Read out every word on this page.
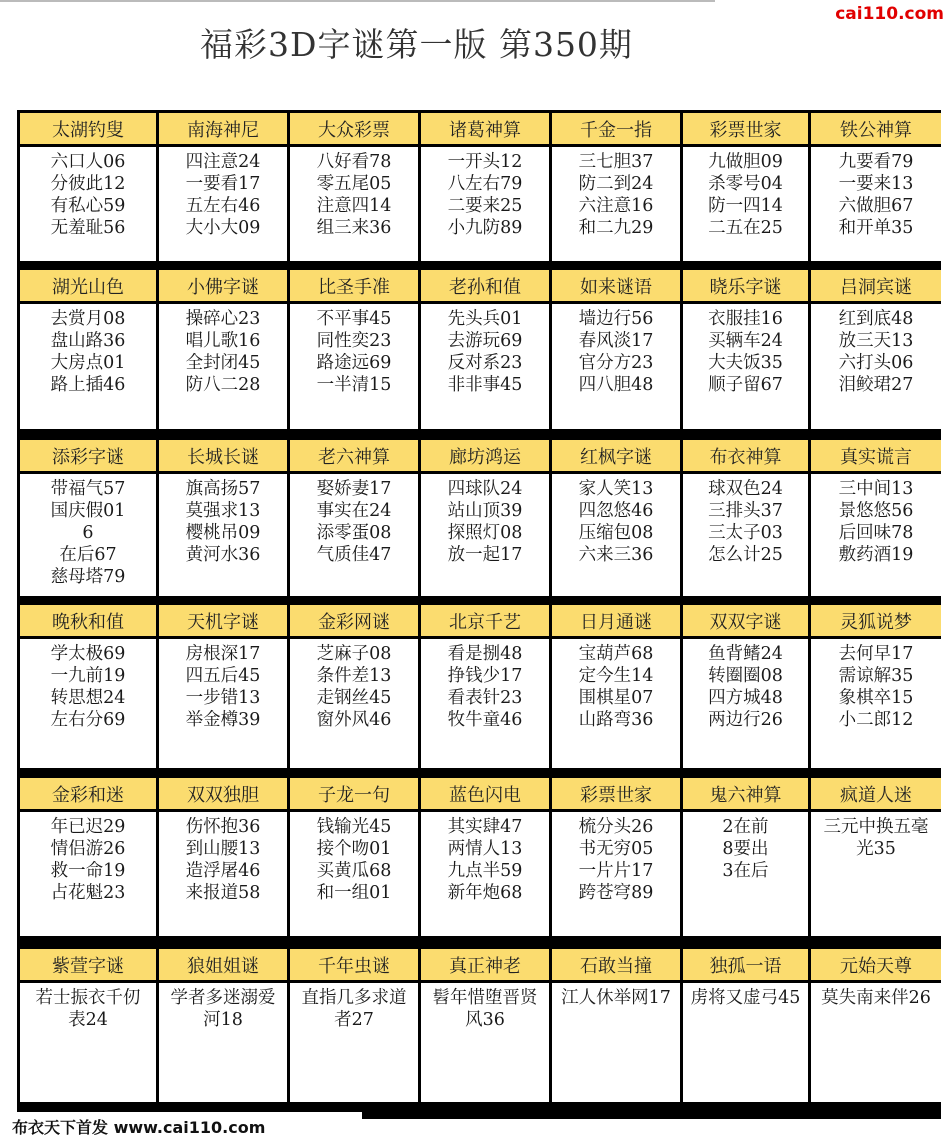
福彩3D字谜第一版 第350期
cai110.com
太湖钓叟
六口人06
分彼此12
有私心59
无羞耻56
南海神尼
四注意24
一要看17
五左右46
大小大09
大众彩票
八好看78
零五尾05
注意四14
组三来36
诸葛神算
一开头12
八左右79
二要来25
小九防89
千金一指
三七胆37
防二到24
六注意16
和二九29
彩票世家
九做胆09
杀零号04
防一四14
二五在25
铁公神算
九要看79
一要来13
六做胆67
和开单35
湖光山色
去赏月08
盘山路36
大房点01
路上插46
小佛字谜
操碎心23
唱儿歌16
全封闭45
防八二28
比圣手准
不平事45
同性奕23
路途远69
一半清15
老孙和值
先头兵01
去游玩69
反对系23
非非事45
如来谜语
墙边行56
春风淡17
官分方23
四八胆48
晓乐字谜
衣服挂16
买辆车24
大夫饭35
顺子留67
吕洞宾谜
红到底48
放三天13
六打头06
泪鲛珺27
添彩字谜
带福气57
国庆假01
6
在后67
慈母塔79
长城长谜
旗高扬57
莫强求13
樱桃吊09
黄河水36
老六神算
娶娇妻17
事实在24
添零蛋08
气质佳47
廊坊鸿运
四球队24
站山顶39
探照灯08
放一起17
红枫字谜
家人笑13
四忽悠46
压缩包08
六来三36
布衣神算
球双色24
三排头37
三太子03
怎么计25
真实谎言
三中间13
景悠悠56
后回味78
敷药酒19
晚秋和值
学太极69
一九前19
转思想24
左右分69
天机字谜
房根深17
四五后45
一步错13
举金樽39
金彩网谜
芝麻子08
条件差13
走钢丝45
窗外风46
北京千艺
看是捌48
挣钱少17
看表针23
牧牛童46
日月通谜
宝葫芦68
定今生14
围棋星07
山路弯36
双双字谜
鱼背鳍24
转圈圈08
四方城48
两边行26
灵狐说梦
去何早17
需谅解35
象棋卒15
小二郎12
金彩和迷
年已迟29
情侣游26
救一命19
占花魁23
双双独胆
伤怀抱36
到山腰13
造浮屠46
来报道58
子龙一句
钱输光45
接个吻01
买黄瓜68
和一组01
蓝色闪电
其实肆47
两情人13
九点半59
新年炮68
彩票世家
梳分头26
书无穷05
一片片17
跨苍穹89
鬼六神算
2在前
8要出
3在后
疯道人迷
三元中换五毫
光35
紫萱字谜
若士振衣千仞
表24
狼姐姐谜
学者多迷溺爱
河18
千年虫谜
直指几多求道
者27
真正神老
髫年惜堕晋贤
风36
石敢当撞
江人休举网17
独孤一语
虏将又虚弓45
元始天尊
莫失南来伴26
布衣天下首发 www.cai110.com
